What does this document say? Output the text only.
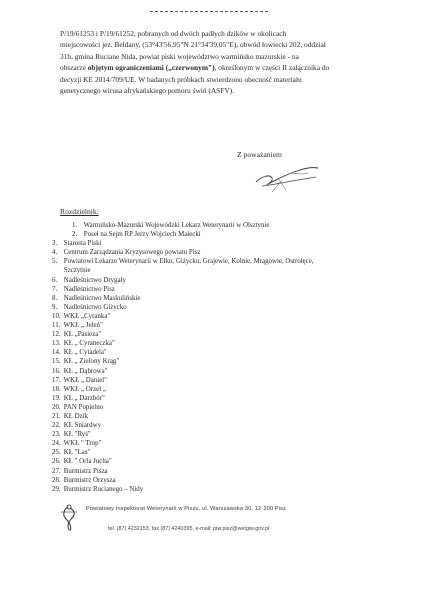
P/19/61253 i P/19/61252, pobranych od dwóch padłych dzików w okolicach
miejscowości jez. Beldany, (53°43'56,95"N 21°34'39,05"E), obwód łowiecki 202, oddział
31b, gmina Ruciane Nida, powiat piski województwo warmińsko mazurskie - na
obszarze objętym ograniczeniami („czerwonym"), określonym w części II załącznika do
decyzji KE 2014/709/UE. W badanych próbkach stwierdzono obecność materiału
genetycznego wirusa afrykańskiego pomoru świń (ASFV).
Z poważaniem
Rozdzielnik:
1. Warmińsko-Mazurski Wojewódzki Lekarz Weterynarii w Olsztynie
2. Poseł na Sejm RP Jerzy Wojciech Małecki
3. Starosta Piski
4. Centrum Zarządzania Kryzysowego powiatu Pisz
5. Powiatowi Lekarze Weterynarii w Ełku, Giżycku, Grajewie, Kolnie, Mrągowie, Ostrołęce,
Szczytnie
6. Nadleśnictwo Drygały
7. Nadleśnictwo Pisz
8. Nadleśnictwo Maskulińskie
9. Nadleśnictwo Giżycko
10. WKŁ „Cyranka"
11. WKŁ „ Jeleń"
12. KŁ „Pasieza"
13. KŁ „ Cyraneczka"
14. KŁ „ Cytadela"
15. KŁ „ Zielony Krąg"
16. KŁ „ Dąbrowa"
17. WKŁ „ Daniel"
18. WKŁ „ Orzeł „
19. KŁ „ Darzbór"
20. PAN Popielno
21. KŁ Dzik
22. KŁ Śniardwy
23. KŁ "Ryś"
24. WKŁ " Trop"
25. KŁ "Las"
26. KŁ " Orla Jucha"
27. Burmistrz Pisza
28. Burmistrz Orzysza
29. Burmistrz Rucianego – Nidy
Powiatowy Inspektorat Weterynarii w Piszu, ul. Warszawska 30, 12-200 Pisz
tel. (87) 4232153, fax (87) 4240395, e-mail: piw.pisz@wetgiw.gov.pl
